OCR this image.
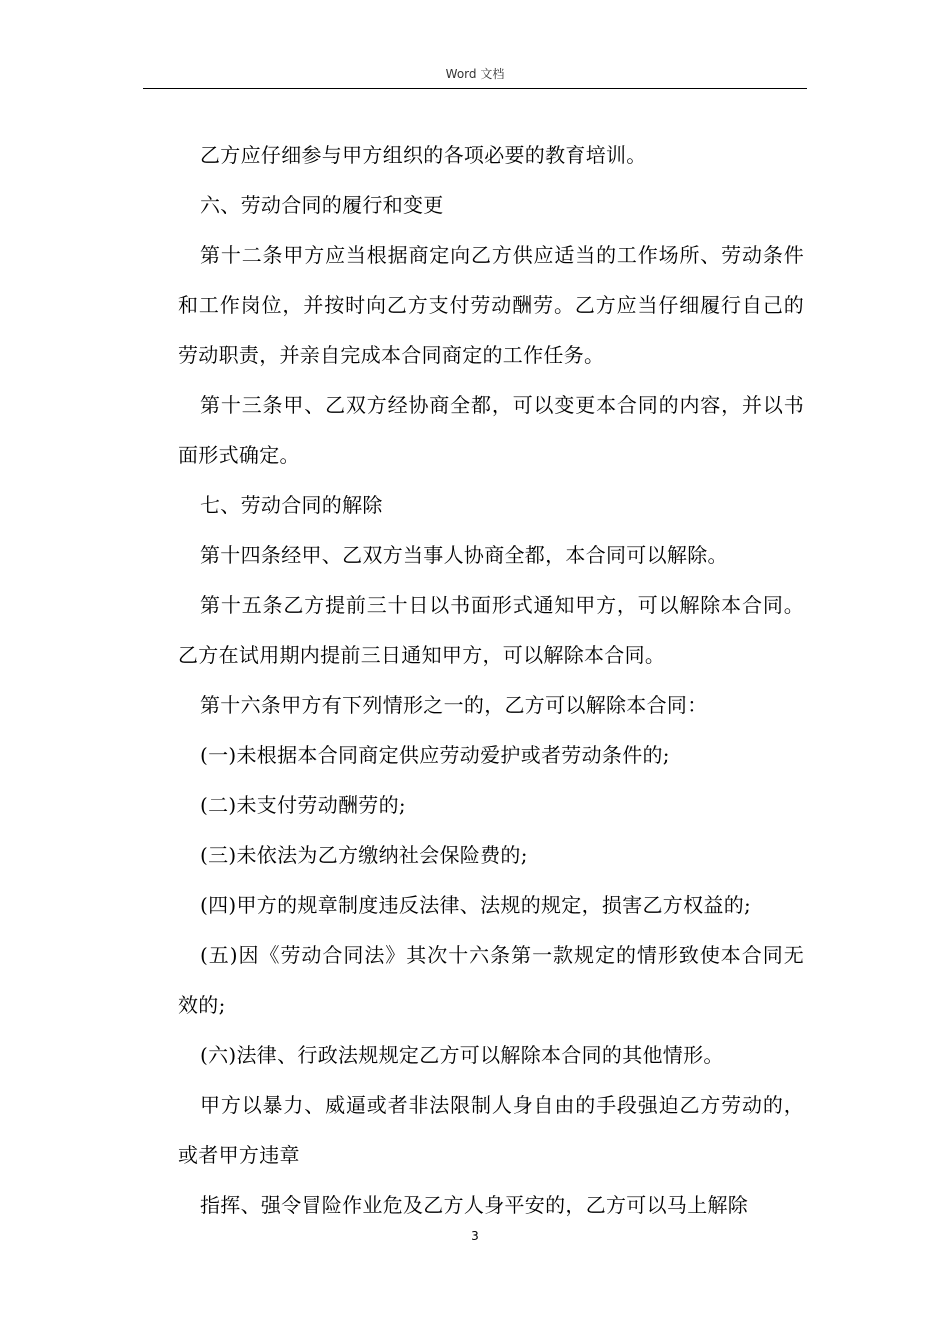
Word 文档

乙方应仔细参与甲方组织的各项必要的教育培训。

六、劳动合同的履行和变更

第十二条甲方应当根据商定向乙方供应适当的工作场所、劳动条件和工作岗位，并按时向乙方支付劳动酬劳。乙方应当仔细履行自己的劳动职责，并亲自完成本合同商定的工作任务。

第十三条甲、乙双方经协商全都，可以变更本合同的内容，并以书面形式确定。

七、劳动合同的解除

第十四条经甲、乙双方当事人协商全都，本合同可以解除。

第十五条乙方提前三十日以书面形式通知甲方，可以解除本合同。乙方在试用期内提前三日通知甲方，可以解除本合同。

第十六条甲方有下列情形之一的，乙方可以解除本合同：

(一)未根据本合同商定供应劳动爱护或者劳动条件的;

(二)未支付劳动酬劳的;

(三)未依法为乙方缴纳社会保险费的;

(四)甲方的规章制度违反法律、法规的规定，损害乙方权益的;

(五)因《劳动合同法》其次十六条第一款规定的情形致使本合同无效的;

(六)法律、行政法规规定乙方可以解除本合同的其他情形。

甲方以暴力、威逼或者非法限制人身自由的手段强迫乙方劳动的，或者甲方违章

指挥、强令冒险作业危及乙方人身平安的，乙方可以马上解除

3
